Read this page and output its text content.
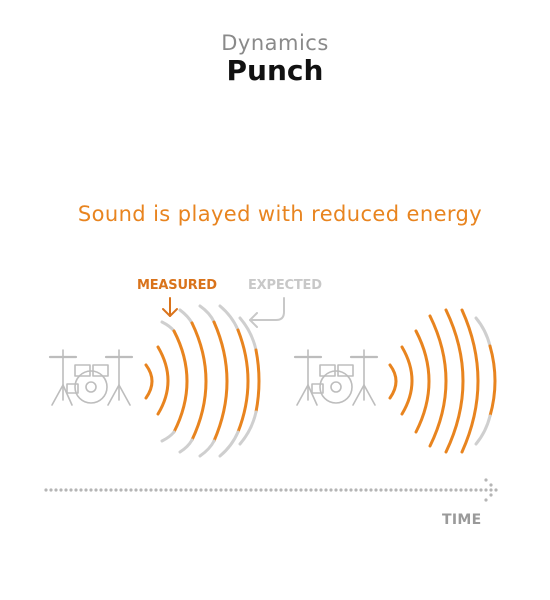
Dynamics
Punch
Sound is played with reduced energy
MEASURED EXPECTED
TIME
